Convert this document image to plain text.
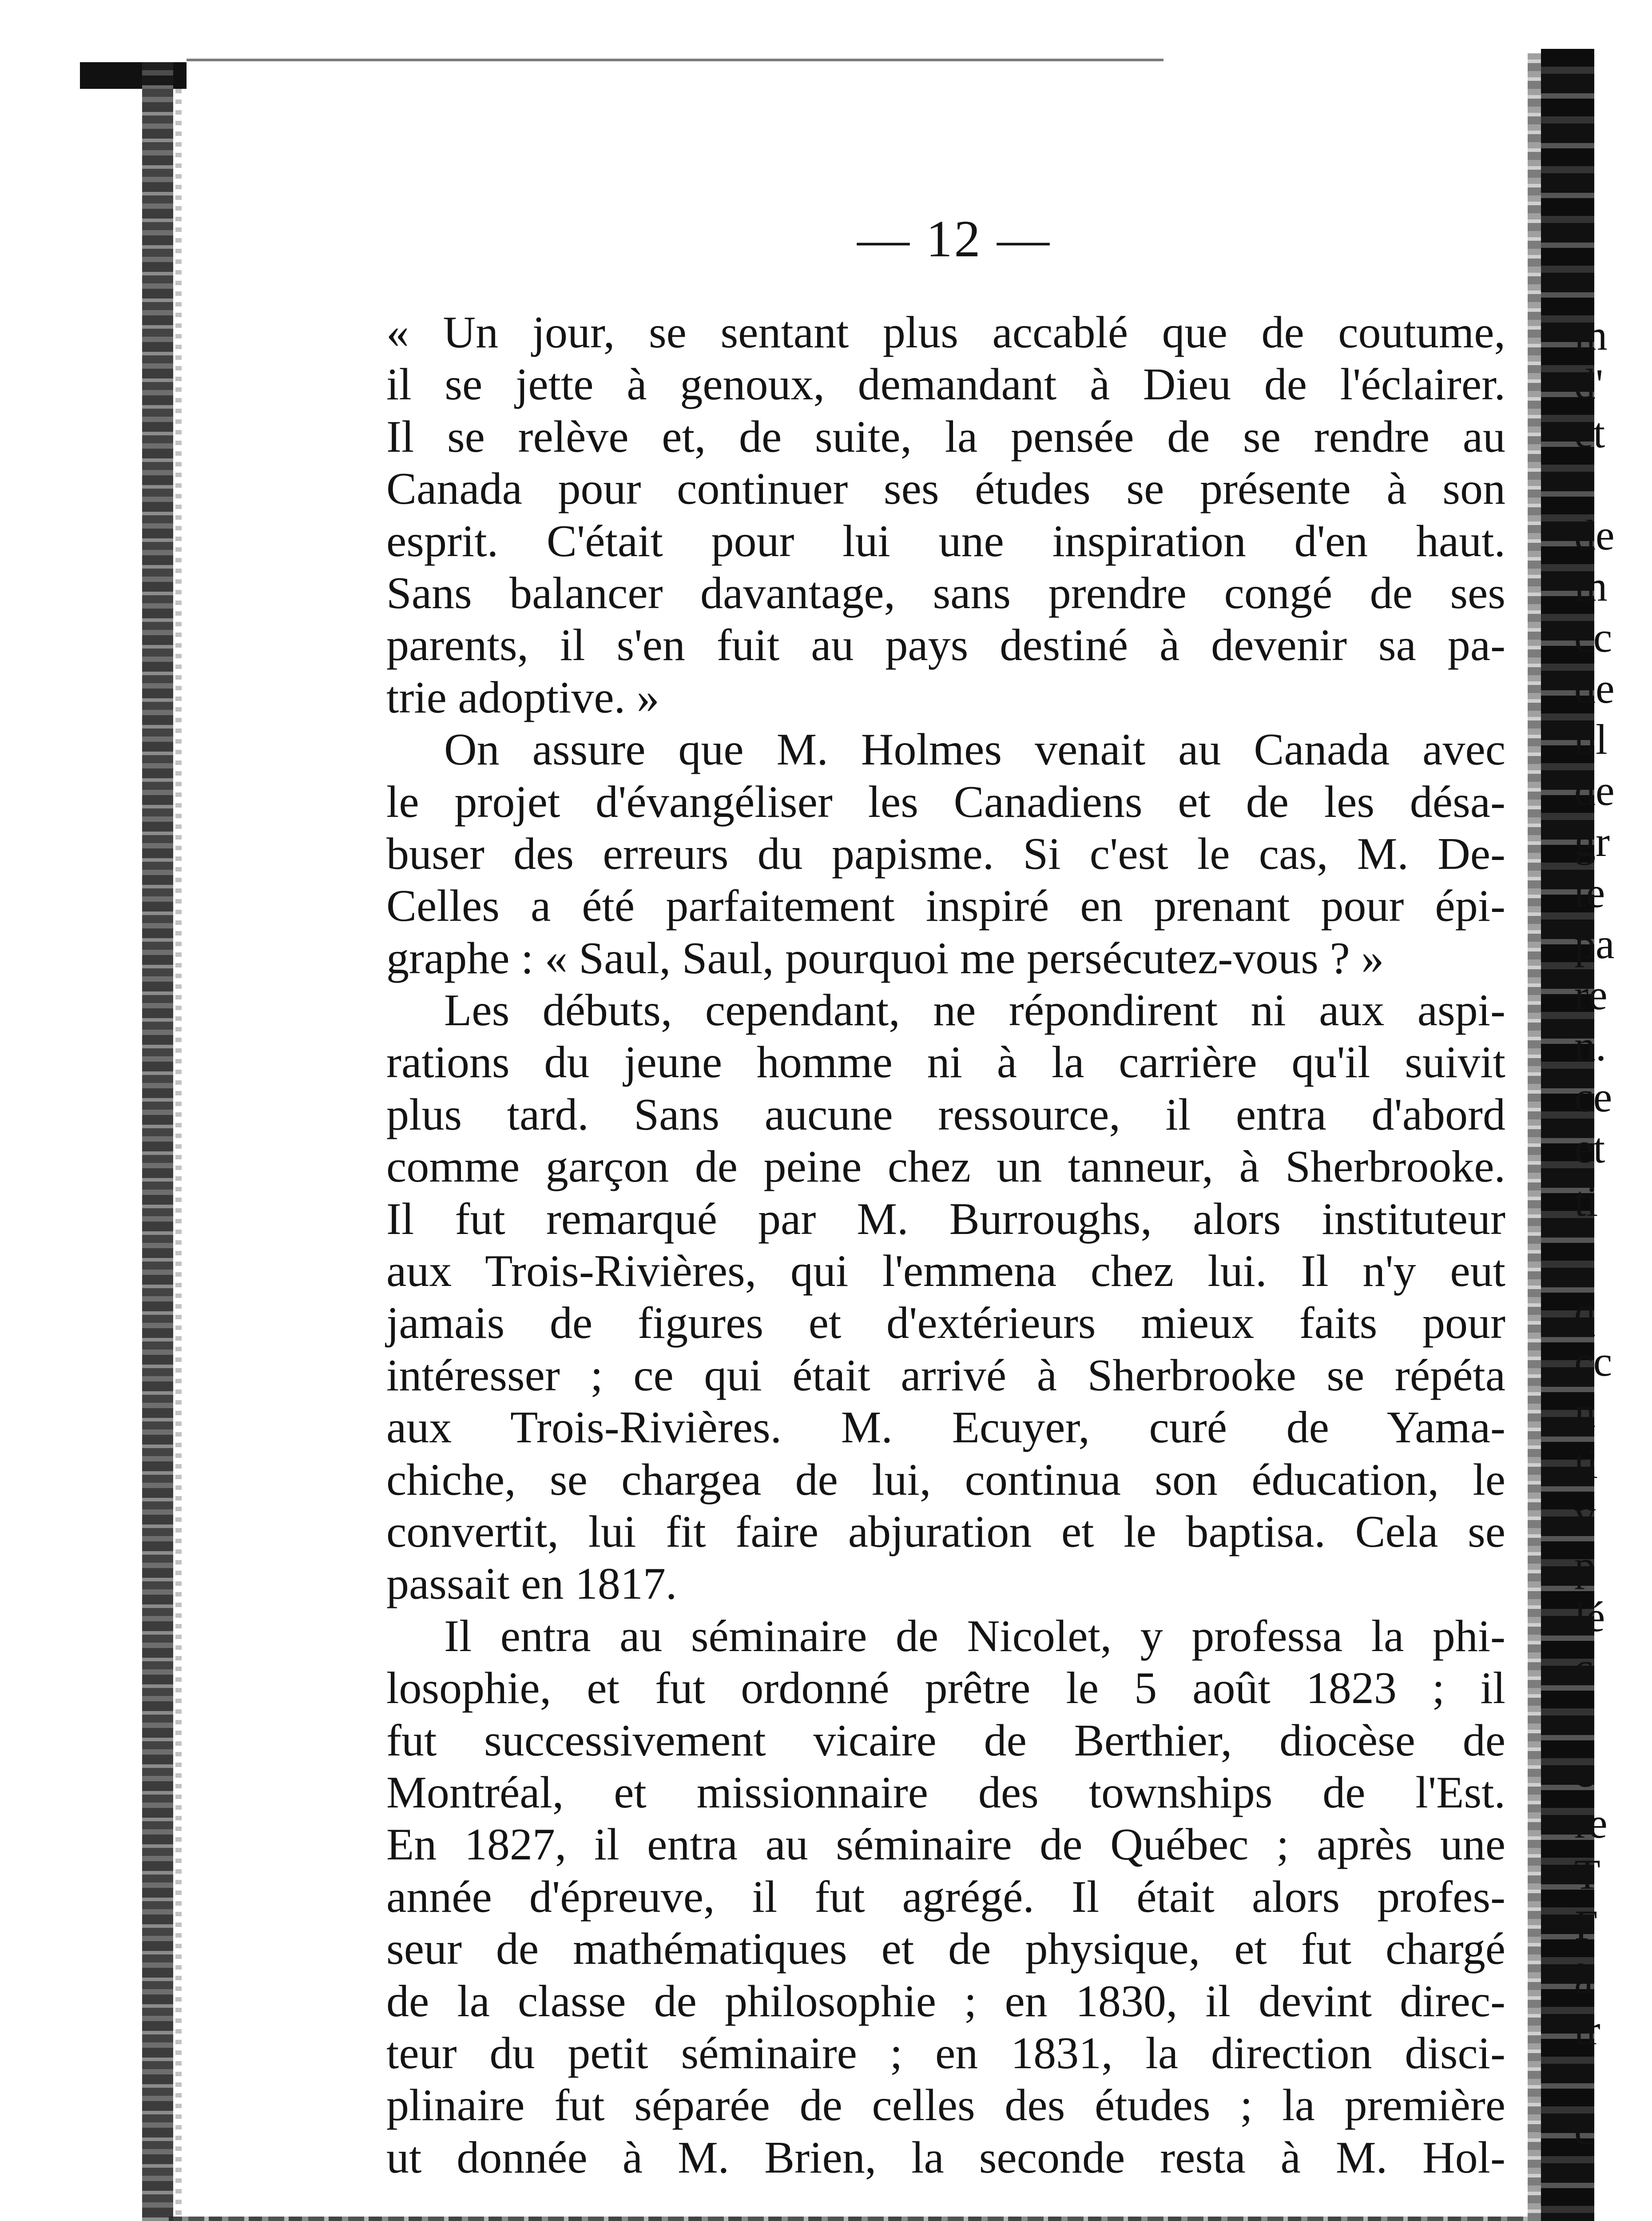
— 12 —
« Un jour, se sentant plus accablé que de coutume,
il se jette à genoux, demandant à Dieu de l'éclairer.
Il se relève et, de suite, la pensée de se rendre au
Canada pour continuer ses études se présente à son
esprit. C'était pour lui une inspiration d'en haut.
Sans balancer davantage, sans prendre congé de ses
parents, il s'en fuit au pays destiné à devenir sa pa-
trie adoptive. »
On assure que M. Holmes venait au Canada avec
le projet d'évangéliser les Canadiens et de les désa-
buser des erreurs du papisme. Si c'est le cas, M. De-
Celles a été parfaitement inspiré en prenant pour épi-
graphe : « Saul, Saul, pourquoi me persécutez-vous ? »
Les débuts, cependant, ne répondirent ni aux aspi-
rations du jeune homme ni à la carrière qu'il suivit
plus tard. Sans aucune ressource, il entra d'abord
comme garçon de peine chez un tanneur, à Sherbrooke.
Il fut remarqué par M. Burroughs, alors instituteur
aux Trois-Rivières, qui l'emmena chez lui. Il n'y eut
jamais de figures et d'extérieurs mieux faits pour
intéresser ; ce qui était arrivé à Sherbrooke se répéta
aux Trois-Rivières. M. Ecuyer, curé de Yama-
chiche, se chargea de lui, continua son éducation, le
convertit, lui fit faire abjuration et le baptisa. Cela se
passait en 1817.
Il entra au séminaire de Nicolet, y professa la phi-
losophie, et fut ordonné prêtre le 5 août 1823 ; il
fut successivement vicaire de Berthier, diocèse de
Montréal, et missionnaire des townships de l'Est.
En 1827, il entra au séminaire de Québec ; après une
année d'épreuve, il fut agrégé. Il était alors profes-
seur de mathématiques et de physique, et fut chargé
de la classe de philosophie ; en 1830, il devint direc-
teur du petit séminaire ; en 1831, la direction disci-
plinaire fut séparée de celles des études ; la première
ut donnée à M. Brien, la seconde resta à M. Hol-
m
d'
et
de
m
cc
de
bl
de
gr
te
pa
re
n.
ce
et
ti
q
cc
n
ti
v
p
lé
c
c
re
T
F
à
tr
c
